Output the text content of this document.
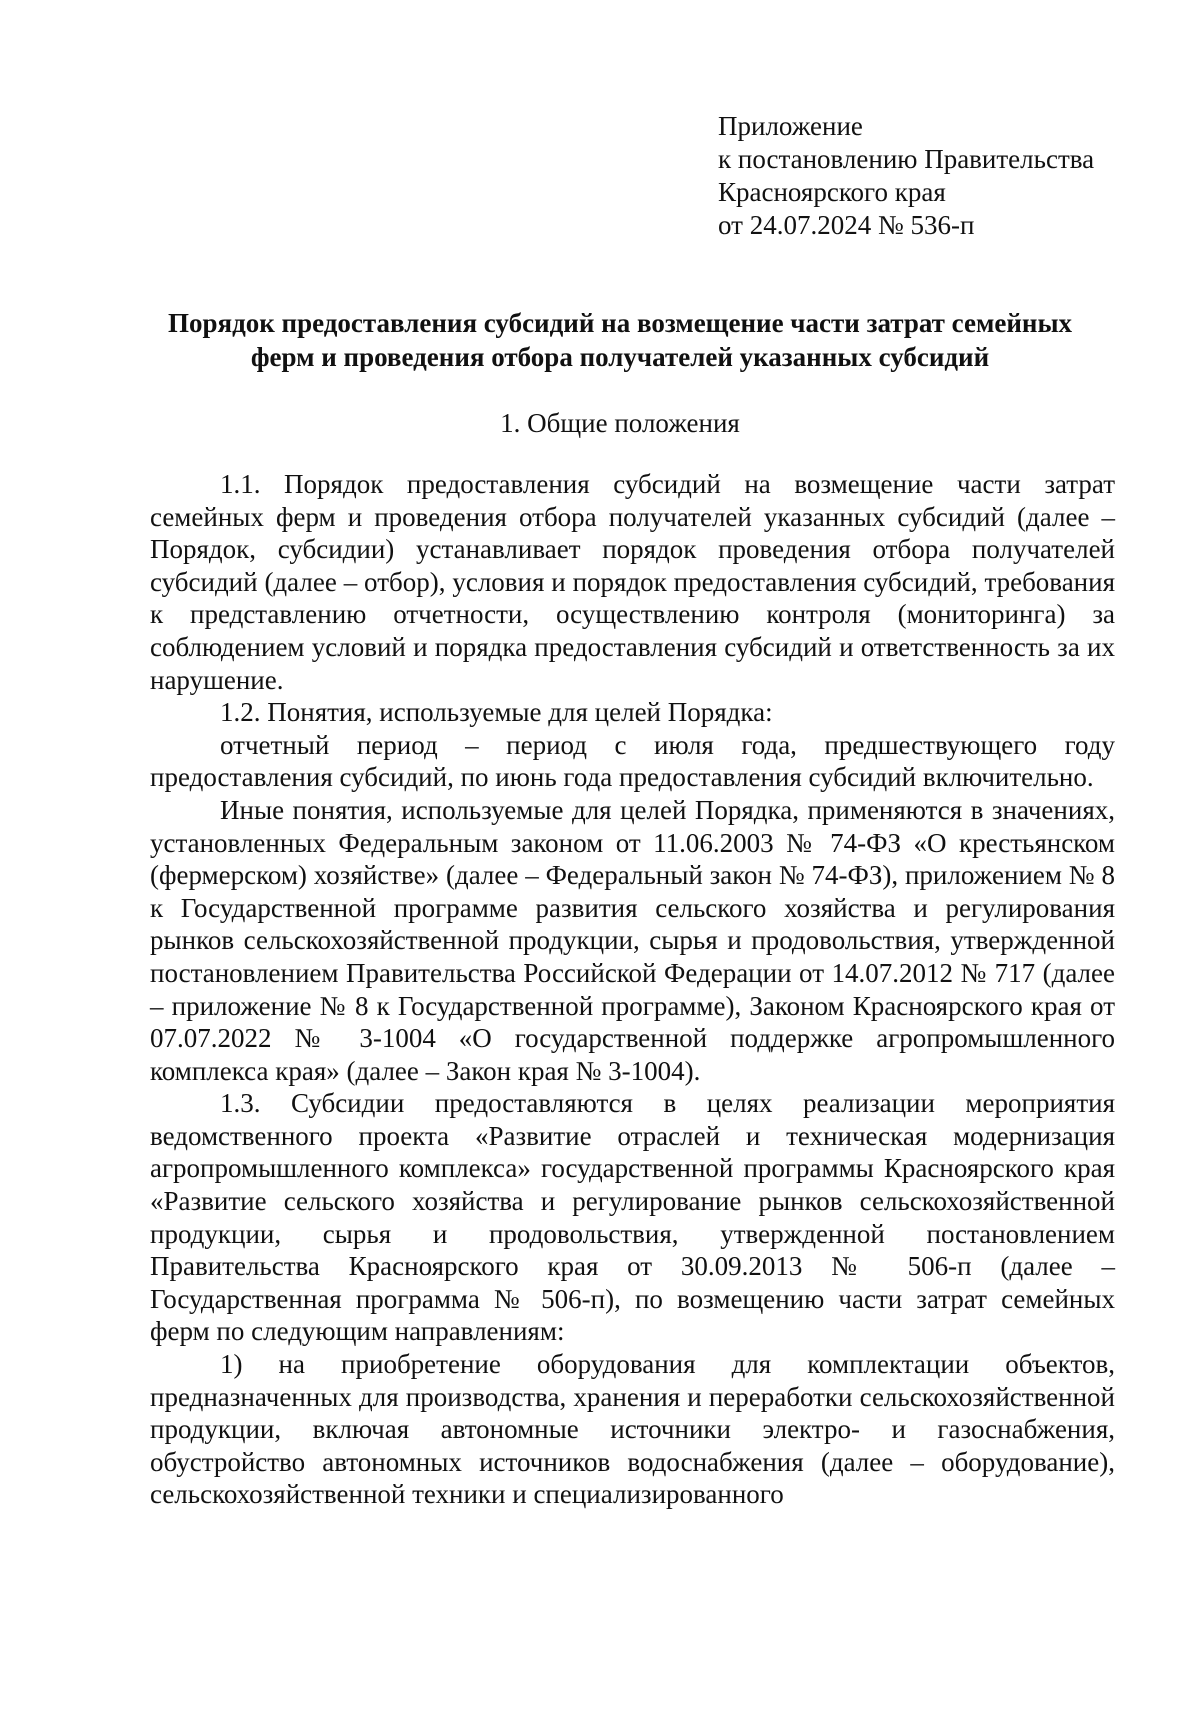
Приложение
к постановлению Правительства
Красноярского края
от 24.07.2024 № 536-п
Порядок предоставления субсидий на возмещение части затрат семейных
ферм и проведения отбора получателей указанных субсидий
1. Общие положения

1.1. Порядок предоставления субсидий на возмещение части затрат семейных ферм и проведения отбора получателей указанных субсидий (далее – Порядок, субсидии) устанавливает порядок проведения отбора получателей субсидий (далее – отбор), условия и порядок предоставления субсидий, требования к представлению отчетности, осуществлению контроля (мониторинга) за соблюдением условий и порядка предоставления субсидий и ответственность за их нарушение.

1.2. Понятия, используемые для целей Порядка:

отчетный период – период с июля года, предшествующего году предоставления субсидий, по июнь года предоставления субсидий включительно.

Иные понятия, используемые для целей Порядка, применяются в значениях, установленных Федеральным законом от 11.06.2003 № 74-ФЗ «О крестьянском (фермерском) хозяйстве» (далее – Федеральный закон № 74-ФЗ), приложением № 8 к Государственной программе развития сельского хозяйства и регулирования рынков сельскохозяйственной продукции, сырья и продовольствия, утвержденной постановлением Правительства Российской Федерации от 14.07.2012 № 717 (далее – приложение № 8 к Государственной программе), Законом Красноярского края от 07.07.2022 № 3-1004 «О государственной поддержке агропромышленного комплекса края» (далее – Закон края № 3-1004).

1.3. Субсидии предоставляются в целях реализации мероприятия ведомственного проекта «Развитие отраслей и техническая модернизация агропромышленного комплекса» государственной программы Красноярского края «Развитие сельского хозяйства и регулирование рынков сельскохозяйственной продукции, сырья и продовольствия, утвержденной постановлением Правительства Красноярского края от 30.09.2013 № 506-п (далее – Государственная программа № 506-п), по возмещению части затрат семейных ферм по следующим направлениям:

1) на приобретение оборудования для комплектации объектов, предназначенных для производства, хранения и переработки сельскохозяйственной продукции, включая автономные источники электро- и газоснабжения, обустройство автономных источников водоснабжения (далее – оборудование), сельскохозяйственной техники и специализированного
